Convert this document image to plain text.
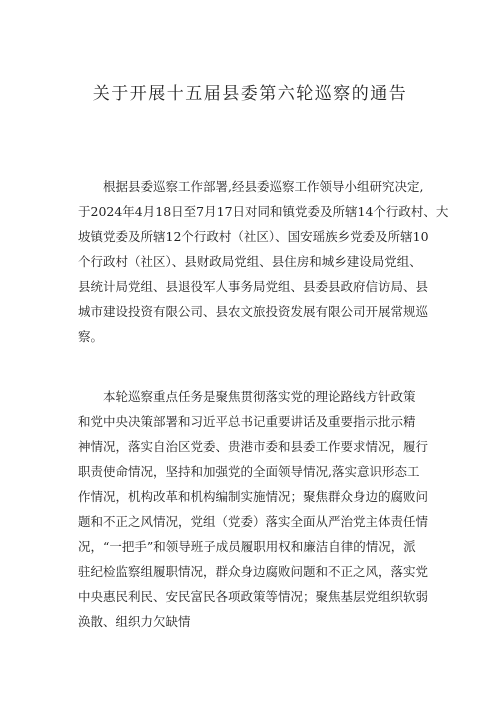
关于开展十五届县委第六轮巡察的通告
根据县委巡察工作部署,经县委巡察工作领导小组研究决定,
于2024年4月18日至7月17日对同和镇党委及所辖14个行政村、大
坡镇党委及所辖12个行政村（社区）、国安瑶族乡党委及所辖10
个行政村（社区）、县财政局党组、县住房和城乡建设局党组、
县统计局党组、县退役军人事务局党组、县委县政府信访局、县
城市建设投资有限公司、县农文旅投资发展有限公司开展常规巡
察。
本轮巡察重点任务是聚焦贯彻落实党的理论路线方针政策
和党中央决策部署和习近平总书记重要讲话及重要指示批示精
神情况，落实自治区党委、贵港市委和县委工作要求情况，履行
职责使命情况，坚持和加强党的全面领导情况,落实意识形态工
作情况，机构改革和机构编制实施情况；聚焦群众身边的腐败问
题和不正之风情况，党组（党委）落实全面从严治党主体责任情
况，“一把手”和领导班子成员履职用权和廉洁自律的情况，派
驻纪检监察组履职情况，群众身边腐败问题和不正之风，落实党
中央惠民利民、安民富民各项政策等情况；聚焦基层党组织软弱
涣散、组织力欠缺情
